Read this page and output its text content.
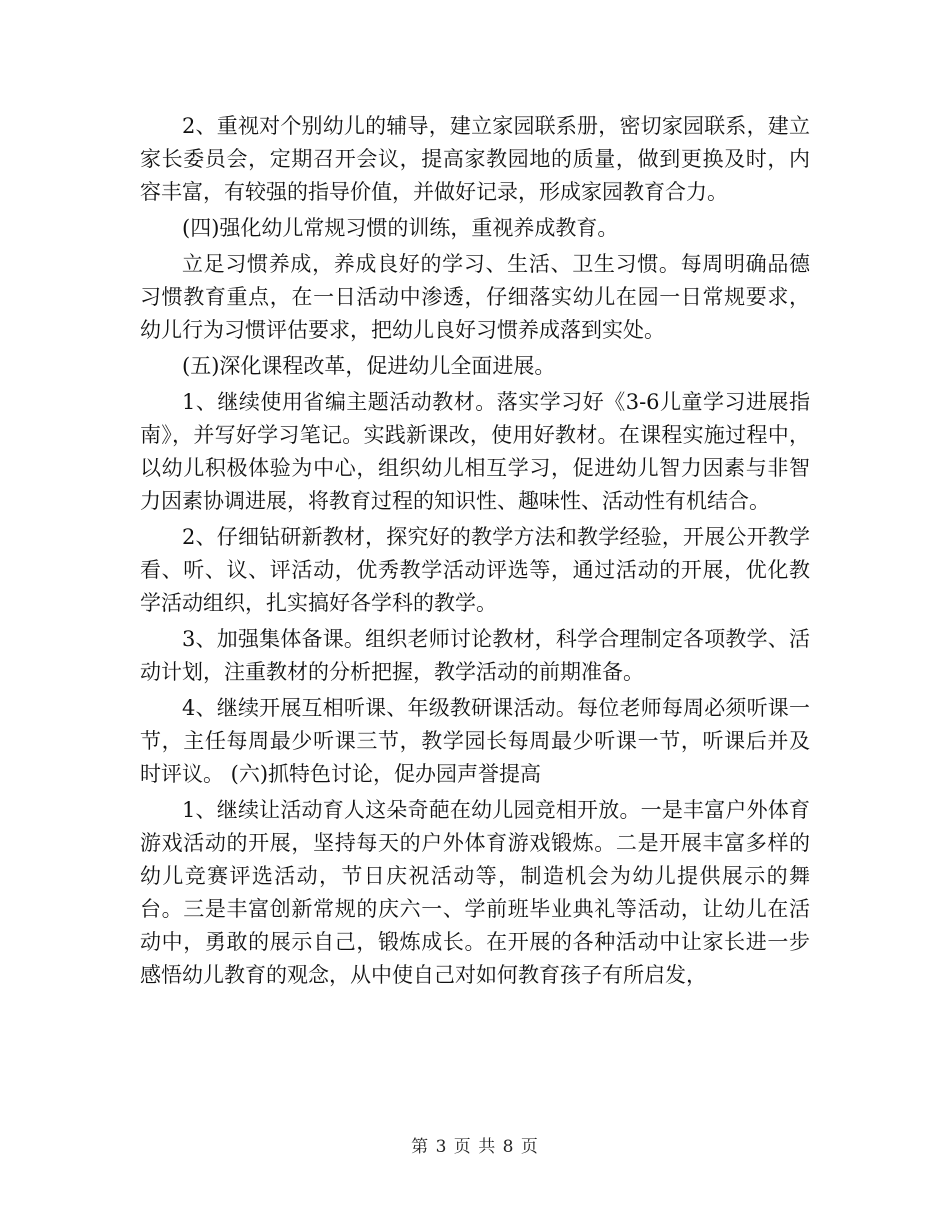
2、重视对个别幼儿的辅导，建立家园联系册，密切家园联系，建立家长委员会，定期召开会议，提高家教园地的质量，做到更换及时，内容丰富，有较强的指导价值，并做好记录，形成家园教育合力。

(四)强化幼儿常规习惯的训练，重视养成教育。

立足习惯养成，养成良好的学习、生活、卫生习惯。每周明确品德习惯教育重点，在一日活动中渗透，仔细落实幼儿在园一日常规要求，幼儿行为习惯评估要求，把幼儿良好习惯养成落到实处。

(五)深化课程改革，促进幼儿全面进展。

1、继续使用省编主题活动教材。落实学习好《3-6儿童学习进展指南》，并写好学习笔记。实践新课改，使用好教材。在课程实施过程中，以幼儿积极体验为中心，组织幼儿相互学习，促进幼儿智力因素与非智力因素协调进展，将教育过程的知识性、趣味性、活动性有机结合。

2、仔细钻研新教材，探究好的教学方法和教学经验，开展公开教学看、听、议、评活动，优秀教学活动评选等，通过活动的开展，优化教学活动组织，扎实搞好各学科的教学。

3、加强集体备课。组织老师讨论教材，科学合理制定各项教学、活动计划，注重教材的分析把握，教学活动的前期准备。

4、继续开展互相听课、年级教研课活动。每位老师每周必须听课一节，主任每周最少听课三节，教学园长每周最少听课一节，听课后并及时评议。 (六)抓特色讨论，促办园声誉提高

1、继续让活动育人这朵奇葩在幼儿园竞相开放。一是丰富户外体育游戏活动的开展，坚持每天的户外体育游戏锻炼。二是开展丰富多样的幼儿竞赛评选活动，节日庆祝活动等，制造机会为幼儿提供展示的舞台。三是丰富创新常规的庆六一、学前班毕业典礼等活动，让幼儿在活动中，勇敢的展示自己，锻炼成长。在开展的各种活动中让家长进一步感悟幼儿教育的观念，从中使自己对如何教育孩子有所启发，

第 3 页 共 8 页
